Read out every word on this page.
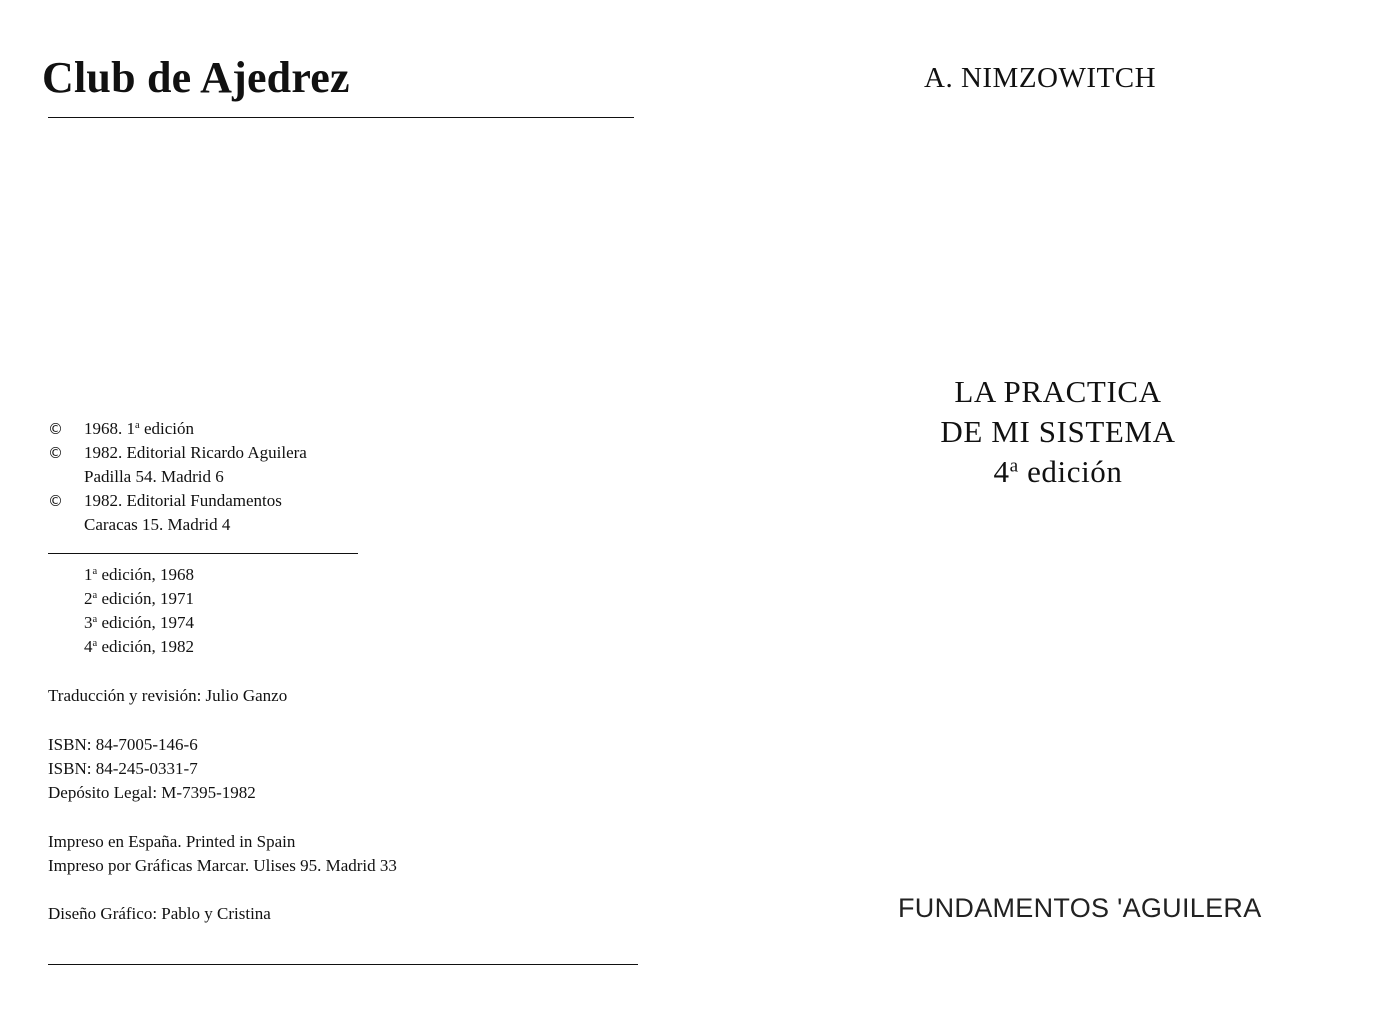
Club de Ajedrez
© 1968. 1$^a$ edición
© 1982. Editorial Ricardo Aguilera
Padilla 54. Madrid 6
© 1982. Editorial Fundamentos
Caracas 15. Madrid 4
1$^a$ edición, 1968
2$^a$ edición, 1971
3$^a$ edición, 1974
4$^a$ edición, 1982
Traducción y revisión: Julio Ganzo
ISBN: 84-7005-146-6
ISBN: 84-245-0331-7
Depósito Legal: M-7395-1982
Impreso en España. Printed in Spain
Impreso por Gráficas Marcar. Ulises 95. Madrid 33
Diseño Gráfico: Pablo y Cristina
A. NIMZOWITCH
LA PRACTICA
DE MI SISTEMA
4$^a$ edición
FUNDAMENTOS 'AGUILERA
